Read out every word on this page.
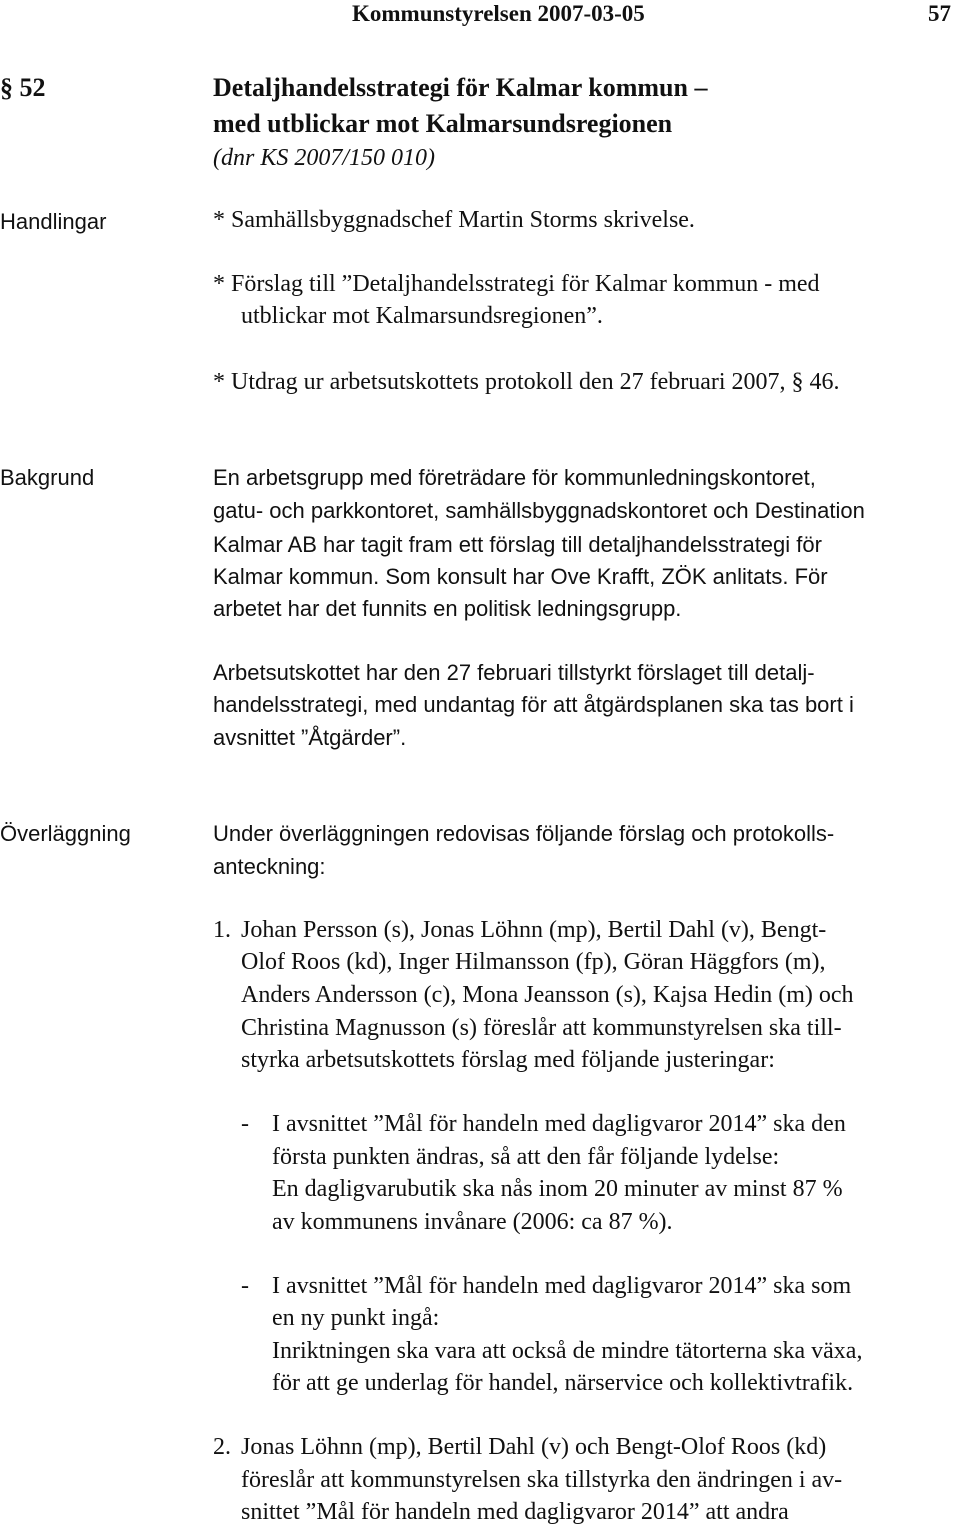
Kommunstyrelsen 2007-03-05	57
§ 52	Detaljhandelsstrategi för Kalmar kommun –
med utblickar mot Kalmarsundsregionen
(dnr KS 2007/150 010)
Handlingar	* Samhällsbyggnadschef Martin Storms skrivelse.
* Förslag till ”Detaljhandelsstrategi för Kalmar kommun - med
utblickar mot Kalmarsundsregionen”.
* Utdrag ur arbetsutskottets protokoll den 27 februari 2007, § 46.
Bakgrund	En arbetsgrupp med företrädare för kommunledningskontoret,
gatu- och parkkontoret, samhällsbyggnadskontoret och Destination
Kalmar AB har tagit fram ett förslag till detaljhandelsstrategi för
Kalmar kommun. Som konsult har Ove Krafft, ZÖK anlitats. För
arbetet har det funnits en politisk ledningsgrupp.
Arbetsutskottet har den 27 februari tillstyrkt förslaget till detalj-
handelsstrategi, med undantag för att åtgärdsplanen ska tas bort i
avsnittet ”Åtgärder”.
Överläggning	Under överläggningen redovisas följande förslag och protokolls-
anteckning:
1. Johan Persson (s), Jonas Löhnn (mp), Bertil Dahl (v), Bengt-
Olof Roos (kd), Inger Hilmansson (fp), Göran Häggfors (m),
Anders Andersson (c), Mona Jeansson (s), Kajsa Hedin (m) och
Christina Magnusson (s) föreslår att kommunstyrelsen ska till-
styrka arbetsutskottets förslag med följande justeringar:
- I avsnittet ”Mål för handeln med dagligvaror 2014” ska den
första punkten ändras, så att den får följande lydelse:
En dagligvarubutik ska nås inom 20 minuter av minst 87 %
av kommunens invånare (2006: ca 87 %).
- I avsnittet ”Mål för handeln med dagligvaror 2014” ska som
en ny punkt ingå:
Inriktningen ska vara att också de mindre tätorterna ska växa,
för att ge underlag för handel, närservice och kollektivtrafik.
2. Jonas Löhnn (mp), Bertil Dahl (v) och Bengt-Olof Roos (kd)
föreslår att kommunstyrelsen ska tillstyrka den ändringen i av-
snittet ”Mål för handeln med dagligvaror 2014” att andra
